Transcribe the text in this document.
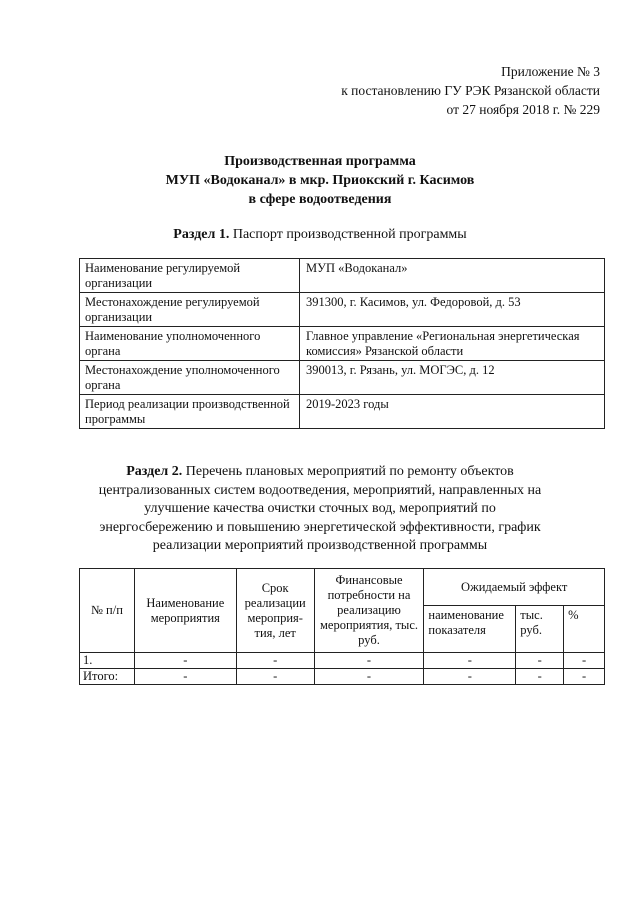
Приложение № 3
к постановлению ГУ РЭК Рязанской области
от 27 ноября 2018 г. № 229
Производственная программа
МУП «Водоканал» в мкр. Приокский г. Касимов
в сфере водоотведения
Раздел 1. Паспорт производственной программы
Наименование регулируемой организации	МУП «Водоканал»
Местонахождение регулируемой организации	391300, г. Касимов, ул. Федоровой, д. 53
Наименование уполномоченного органа	Главное управление «Региональная энергетическая комиссия» Рязанской области
Местонахождение уполномоченного органа	390013, г. Рязань, ул. МОГЭС, д. 12
Период реализации производственной программы	2019-2023 годы
Раздел 2. Перечень плановых мероприятий по ремонту объектов
централизованных систем водоотведения, мероприятий, направленных на
улучшение качества очистки сточных вод, мероприятий по
энергосбережению и повышению энергетической эффективности, график
реализации мероприятий производственной программы
№ п/п	Наименование мероприятия	Срок реализации мероприя-тия, лет	Финансовые потребности на реализацию мероприятия, тыс. руб.	Ожидаемый эффект		
				наименование показателя	тыс. руб.	%
1.	-	-	-	-	-	-
Итого:	-	-	-	-	-	-
